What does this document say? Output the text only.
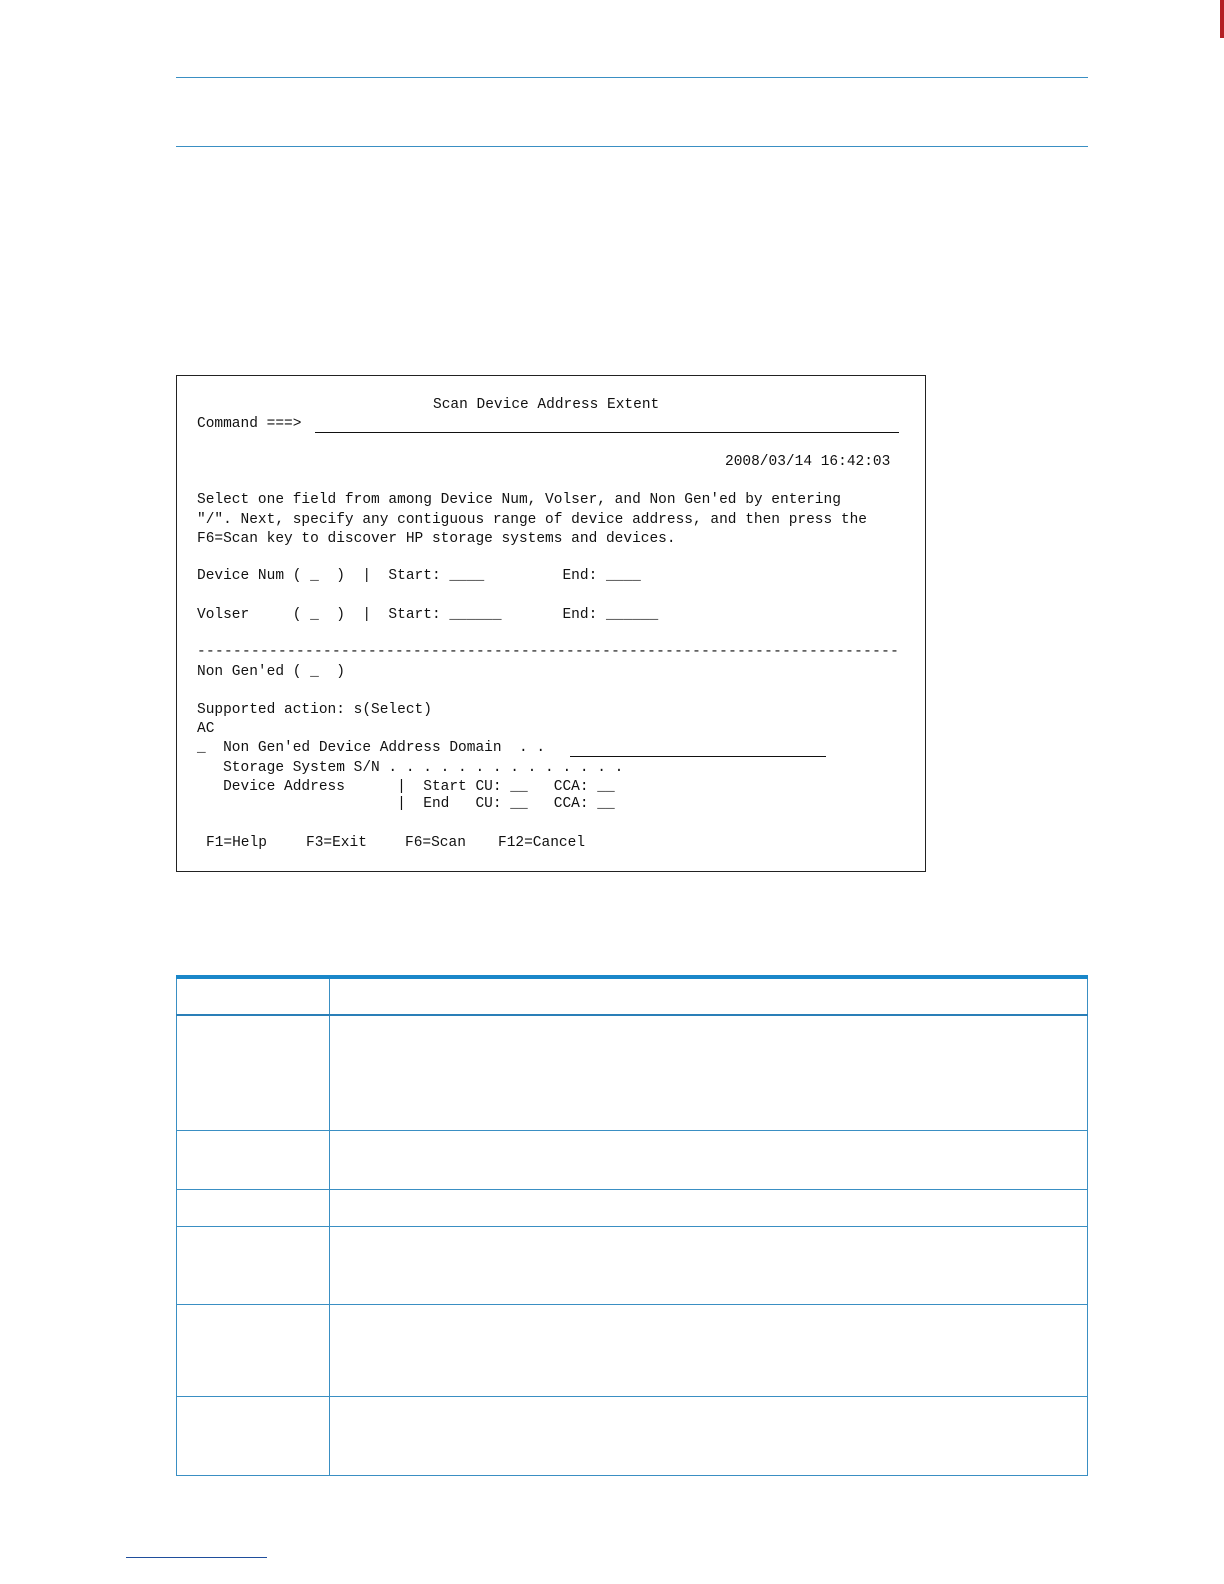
Scan Device Address Extent
Command ===>
2008/03/14 16:42:03
Select one field from among Device Num, Volser, and Non Gen'ed by entering
"/". Next, specify any contiguous range of device address, and then press the
F6=Scan key to discover HP storage systems and devices.
Device Num ( _  )  |  Start: ____         End: ____
Volser     ( _  )  |  Start: ______       End: ______
------------------------------------------------------------------------------
Non Gen'ed ( _  )
Supported action: s(Select)
AC
_  Non Gen'ed Device Address Domain  . .
Storage System S/N . . . . . . . . . . . . . .
Device Address      |  Start CU: __   CCA: __
|  End   CU: __   CCA: __
F1=Help	F3=Exit	F6=Scan F12=Cancel
